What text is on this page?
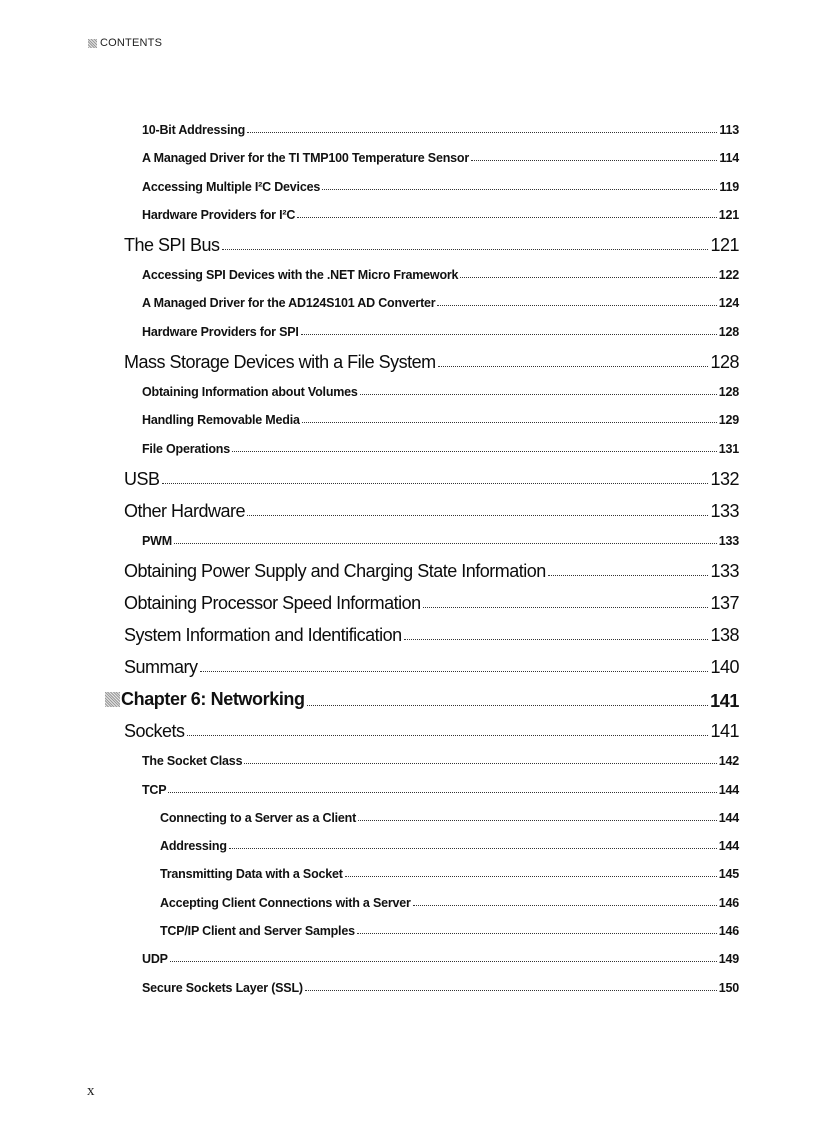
CONTENTS
10-Bit Addressing	113
A Managed Driver for the TI TMP100 Temperature Sensor	114
Accessing Multiple I²C Devices	119
Hardware Providers for I²C	121
The SPI Bus	121
Accessing SPI Devices with the .NET Micro Framework	122
A Managed Driver for the AD124S101 AD Converter	124
Hardware Providers for SPI	128
Mass Storage Devices with a File System	128
Obtaining Information about Volumes	128
Handling Removable Media	129
File Operations	131
USB	132
Other Hardware	133
PWM	133
Obtaining Power Supply and Charging State Information	133
Obtaining Processor Speed Information	137
System Information and Identification	138
Summary	140
Chapter 6: Networking	141
Sockets	141
The Socket Class	142
TCP	144
Connecting to a Server as a Client	144
Addressing	144
Transmitting Data with a Socket	145
Accepting Client Connections with a Server	146
TCP/IP Client and Server Samples	146
UDP	149
Secure Sockets Layer (SSL)	150
x
